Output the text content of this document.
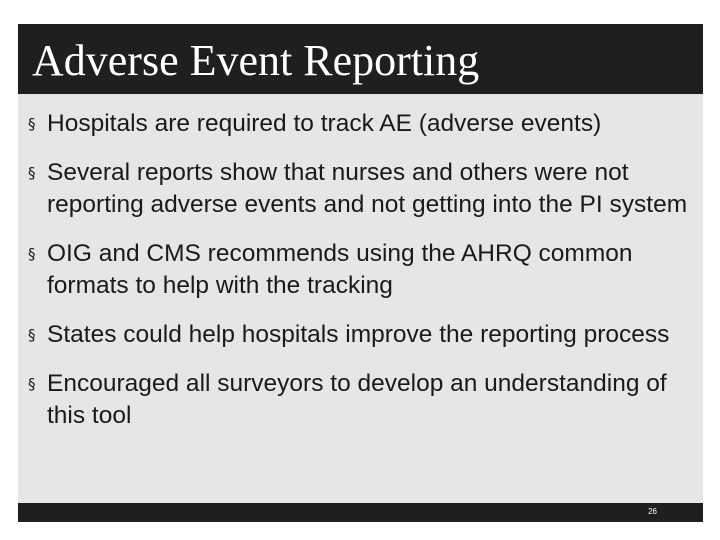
Adverse Event Reporting
§ Hospitals are required to track AE (adverse events)
§ Several reports show that nurses and others were not reporting adverse events and not getting into the PI system
§ OIG and CMS recommends using the AHRQ common formats to help with the tracking
§ States could help hospitals improve the reporting process
§ Encouraged all surveyors to develop an understanding of this tool
26
